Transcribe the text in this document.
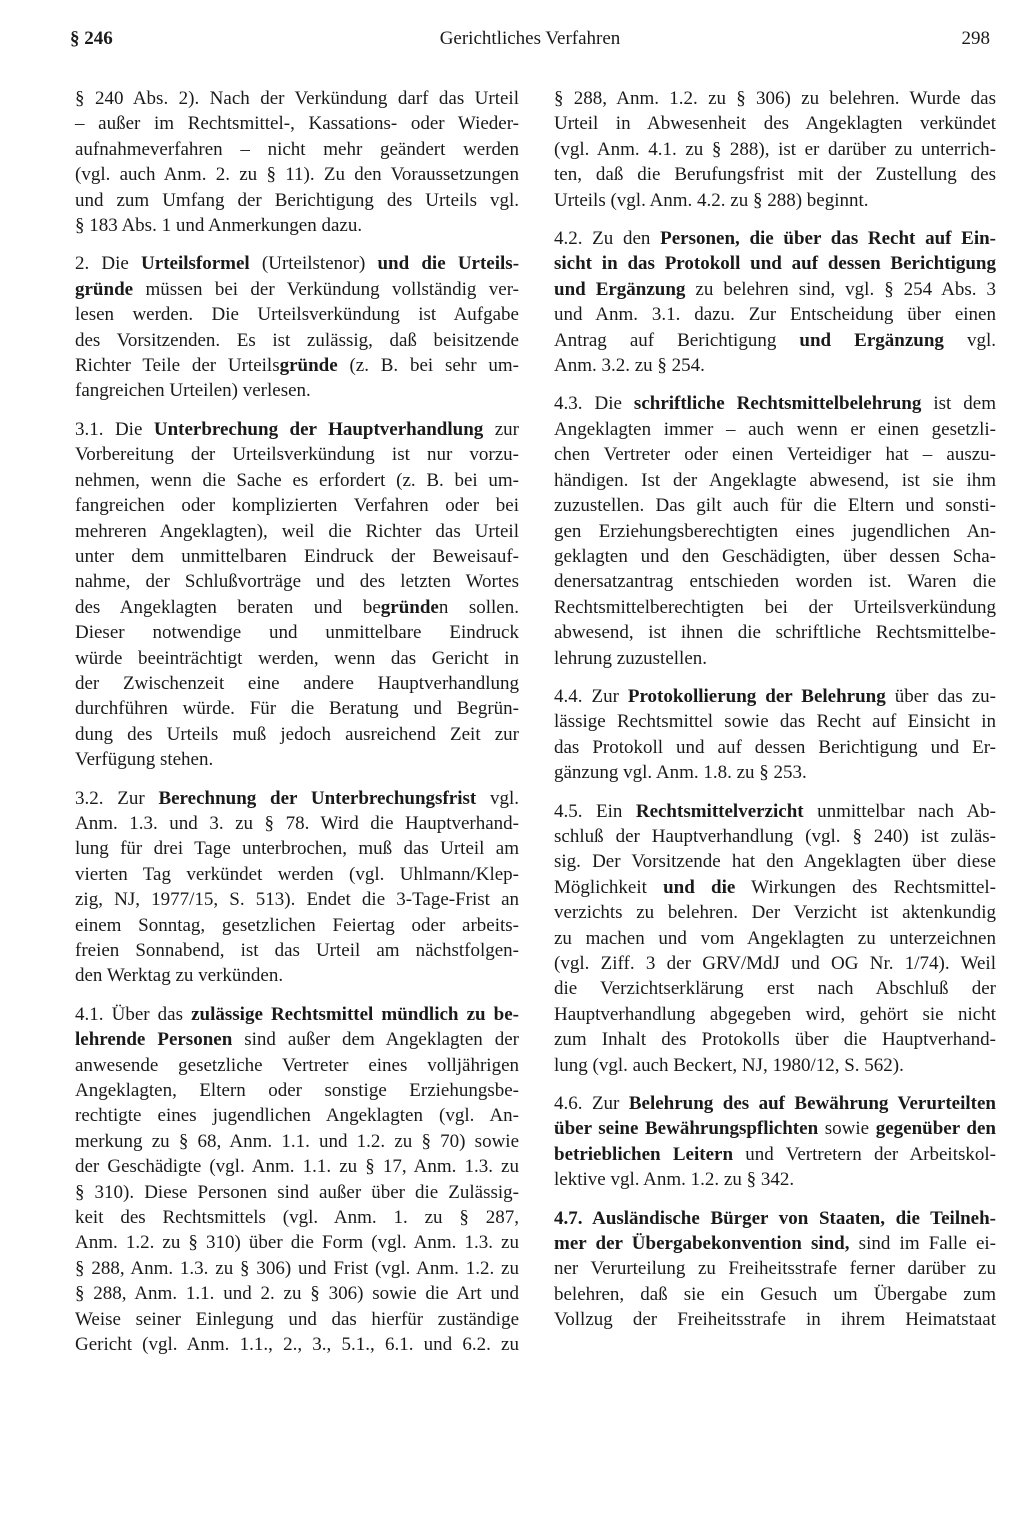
§ 246	Gerichtliches Verfahren	298
§ 240 Abs. 2). Nach der Verkündung darf das Urteil
– außer im Rechtsmittel-, Kassations- oder Wieder-
aufnahmeverfahren – nicht mehr geändert werden
(vgl. auch Anm. 2. zu § 11). Zu den Voraussetzungen
und zum Umfang der Berichtigung des Urteils vgl.
§ 183 Abs. 1 und Anmerkungen dazu.
2. Die Urteilsformel (Urteilstenor) und die Urteils-
gründe müssen bei der Verkündung vollständig ver-
lesen werden. Die Urteilsverkündung ist Aufgabe
des Vorsitzenden. Es ist zulässig, daß beisitzende
Richter Teile der Urteilsgründe (z. B. bei sehr um-
fangreichen Urteilen) verlesen.
3.1. Die Unterbrechung der Hauptverhandlung zur
Vorbereitung der Urteilsverkündung ist nur vorzu-
nehmen, wenn die Sache es erfordert (z. B. bei um-
fangreichen oder komplizierten Verfahren oder bei
mehreren Angeklagten), weil die Richter das Urteil
unter dem unmittelbaren Eindruck der Beweisauf-
nahme, der Schlußvorträge und des letzten Wortes
des Angeklagten beraten und begründen sollen.
Dieser notwendige und unmittelbare Eindruck
würde beeinträchtigt werden, wenn das Gericht in
der Zwischenzeit eine andere Hauptverhandlung
durchführen würde. Für die Beratung und Begrün-
dung des Urteils muß jedoch ausreichend Zeit zur
Verfügung stehen.
3.2. Zur Berechnung der Unterbrechungsfrist vgl.
Anm. 1.3. und 3. zu § 78. Wird die Hauptverhand-
lung für drei Tage unterbrochen, muß das Urteil am
vierten Tag verkündet werden (vgl. Uhlmann/Klep-
zig, NJ, 1977/15, S. 513). Endet die 3-Tage-Frist an
einem Sonntag, gesetzlichen Feiertag oder arbeits-
freien Sonnabend, ist das Urteil am nächstfolgen-
den Werktag zu verkünden.
4.1. Über das zulässige Rechtsmittel mündlich zu be-
lehrende Personen sind außer dem Angeklagten der
anwesende gesetzliche Vertreter eines volljährigen
Angeklagten, Eltern oder sonstige Erziehungsbe-
rechtigte eines jugendlichen Angeklagten (vgl. An-
merkung zu § 68, Anm. 1.1. und 1.2. zu § 70) sowie
der Geschädigte (vgl. Anm. 1.1. zu § 17, Anm. 1.3. zu
§ 310). Diese Personen sind außer über die Zulässig-
keit des Rechtsmittels (vgl. Anm. 1. zu § 287,
Anm. 1.2. zu § 310) über die Form (vgl. Anm. 1.3. zu
§ 288, Anm. 1.3. zu § 306) und Frist (vgl. Anm. 1.2. zu
§ 288, Anm. 1.1. und 2. zu § 306) sowie die Art und
Weise seiner Einlegung und das hierfür zuständige
Gericht (vgl. Anm. 1.1., 2., 3., 5.1., 6.1. und 6.2. zu
§ 288, Anm. 1.2. zu § 306) zu belehren. Wurde das
Urteil in Abwesenheit des Angeklagten verkündet
(vgl. Anm. 4.1. zu § 288), ist er darüber zu unterrich-
ten, daß die Berufungsfrist mit der Zustellung des
Urteils (vgl. Anm. 4.2. zu § 288) beginnt.
4.2. Zu den Personen, die über das Recht auf Ein-
sicht in das Protokoll und auf dessen Berichtigung
und Ergänzung zu belehren sind, vgl. § 254 Abs. 3
und Anm. 3.1. dazu. Zur Entscheidung über einen
Antrag auf Berichtigung und Ergänzung vgl.
Anm. 3.2. zu § 254.
4.3. Die schriftliche Rechtsmittelbelehrung ist dem
Angeklagten immer – auch wenn er einen gesetzli-
chen Vertreter oder einen Verteidiger hat – auszu-
händigen. Ist der Angeklagte abwesend, ist sie ihm
zuzustellen. Das gilt auch für die Eltern und sonsti-
gen Erziehungsberechtigten eines jugendlichen An-
geklagten und den Geschädigten, über dessen Scha-
denersatzantrag entschieden worden ist. Waren die
Rechtsmittelberechtigten bei der Urteilsverkündung
abwesend, ist ihnen die schriftliche Rechtsmittelbe-
lehrung zuzustellen.
4.4. Zur Protokollierung der Belehrung über das zu-
lässige Rechtsmittel sowie das Recht auf Einsicht in
das Protokoll und auf dessen Berichtigung und Er-
gänzung vgl. Anm. 1.8. zu § 253.
4.5. Ein Rechtsmittelverzicht unmittelbar nach Ab-
schluß der Hauptverhandlung (vgl. § 240) ist zuläs-
sig. Der Vorsitzende hat den Angeklagten über diese
Möglichkeit und die Wirkungen des Rechtsmittel-
verzichts zu belehren. Der Verzicht ist aktenkundig
zu machen und vom Angeklagten zu unterzeichnen
(vgl. Ziff. 3 der GRV/MdJ und OG Nr. 1/74). Weil
die Verzichtserklärung erst nach Abschluß der
Hauptverhandlung abgegeben wird, gehört sie nicht
zum Inhalt des Protokolls über die Hauptverhand-
lung (vgl. auch Beckert, NJ, 1980/12, S. 562).
4.6. Zur Belehrung des auf Bewährung Verurteilten
über seine Bewährungspflichten sowie gegenüber den
betrieblichen Leitern und Vertretern der Arbeitskol-
lektive vgl. Anm. 1.2. zu § 342.
4.7. Ausländische Bürger von Staaten, die Teilneh-
mer der Übergabekonvention sind, sind im Falle ei-
ner Verurteilung zu Freiheitsstrafe ferner darüber zu
belehren, daß sie ein Gesuch um Übergabe zum
Vollzug der Freiheitsstrafe in ihrem Heimatstaat
